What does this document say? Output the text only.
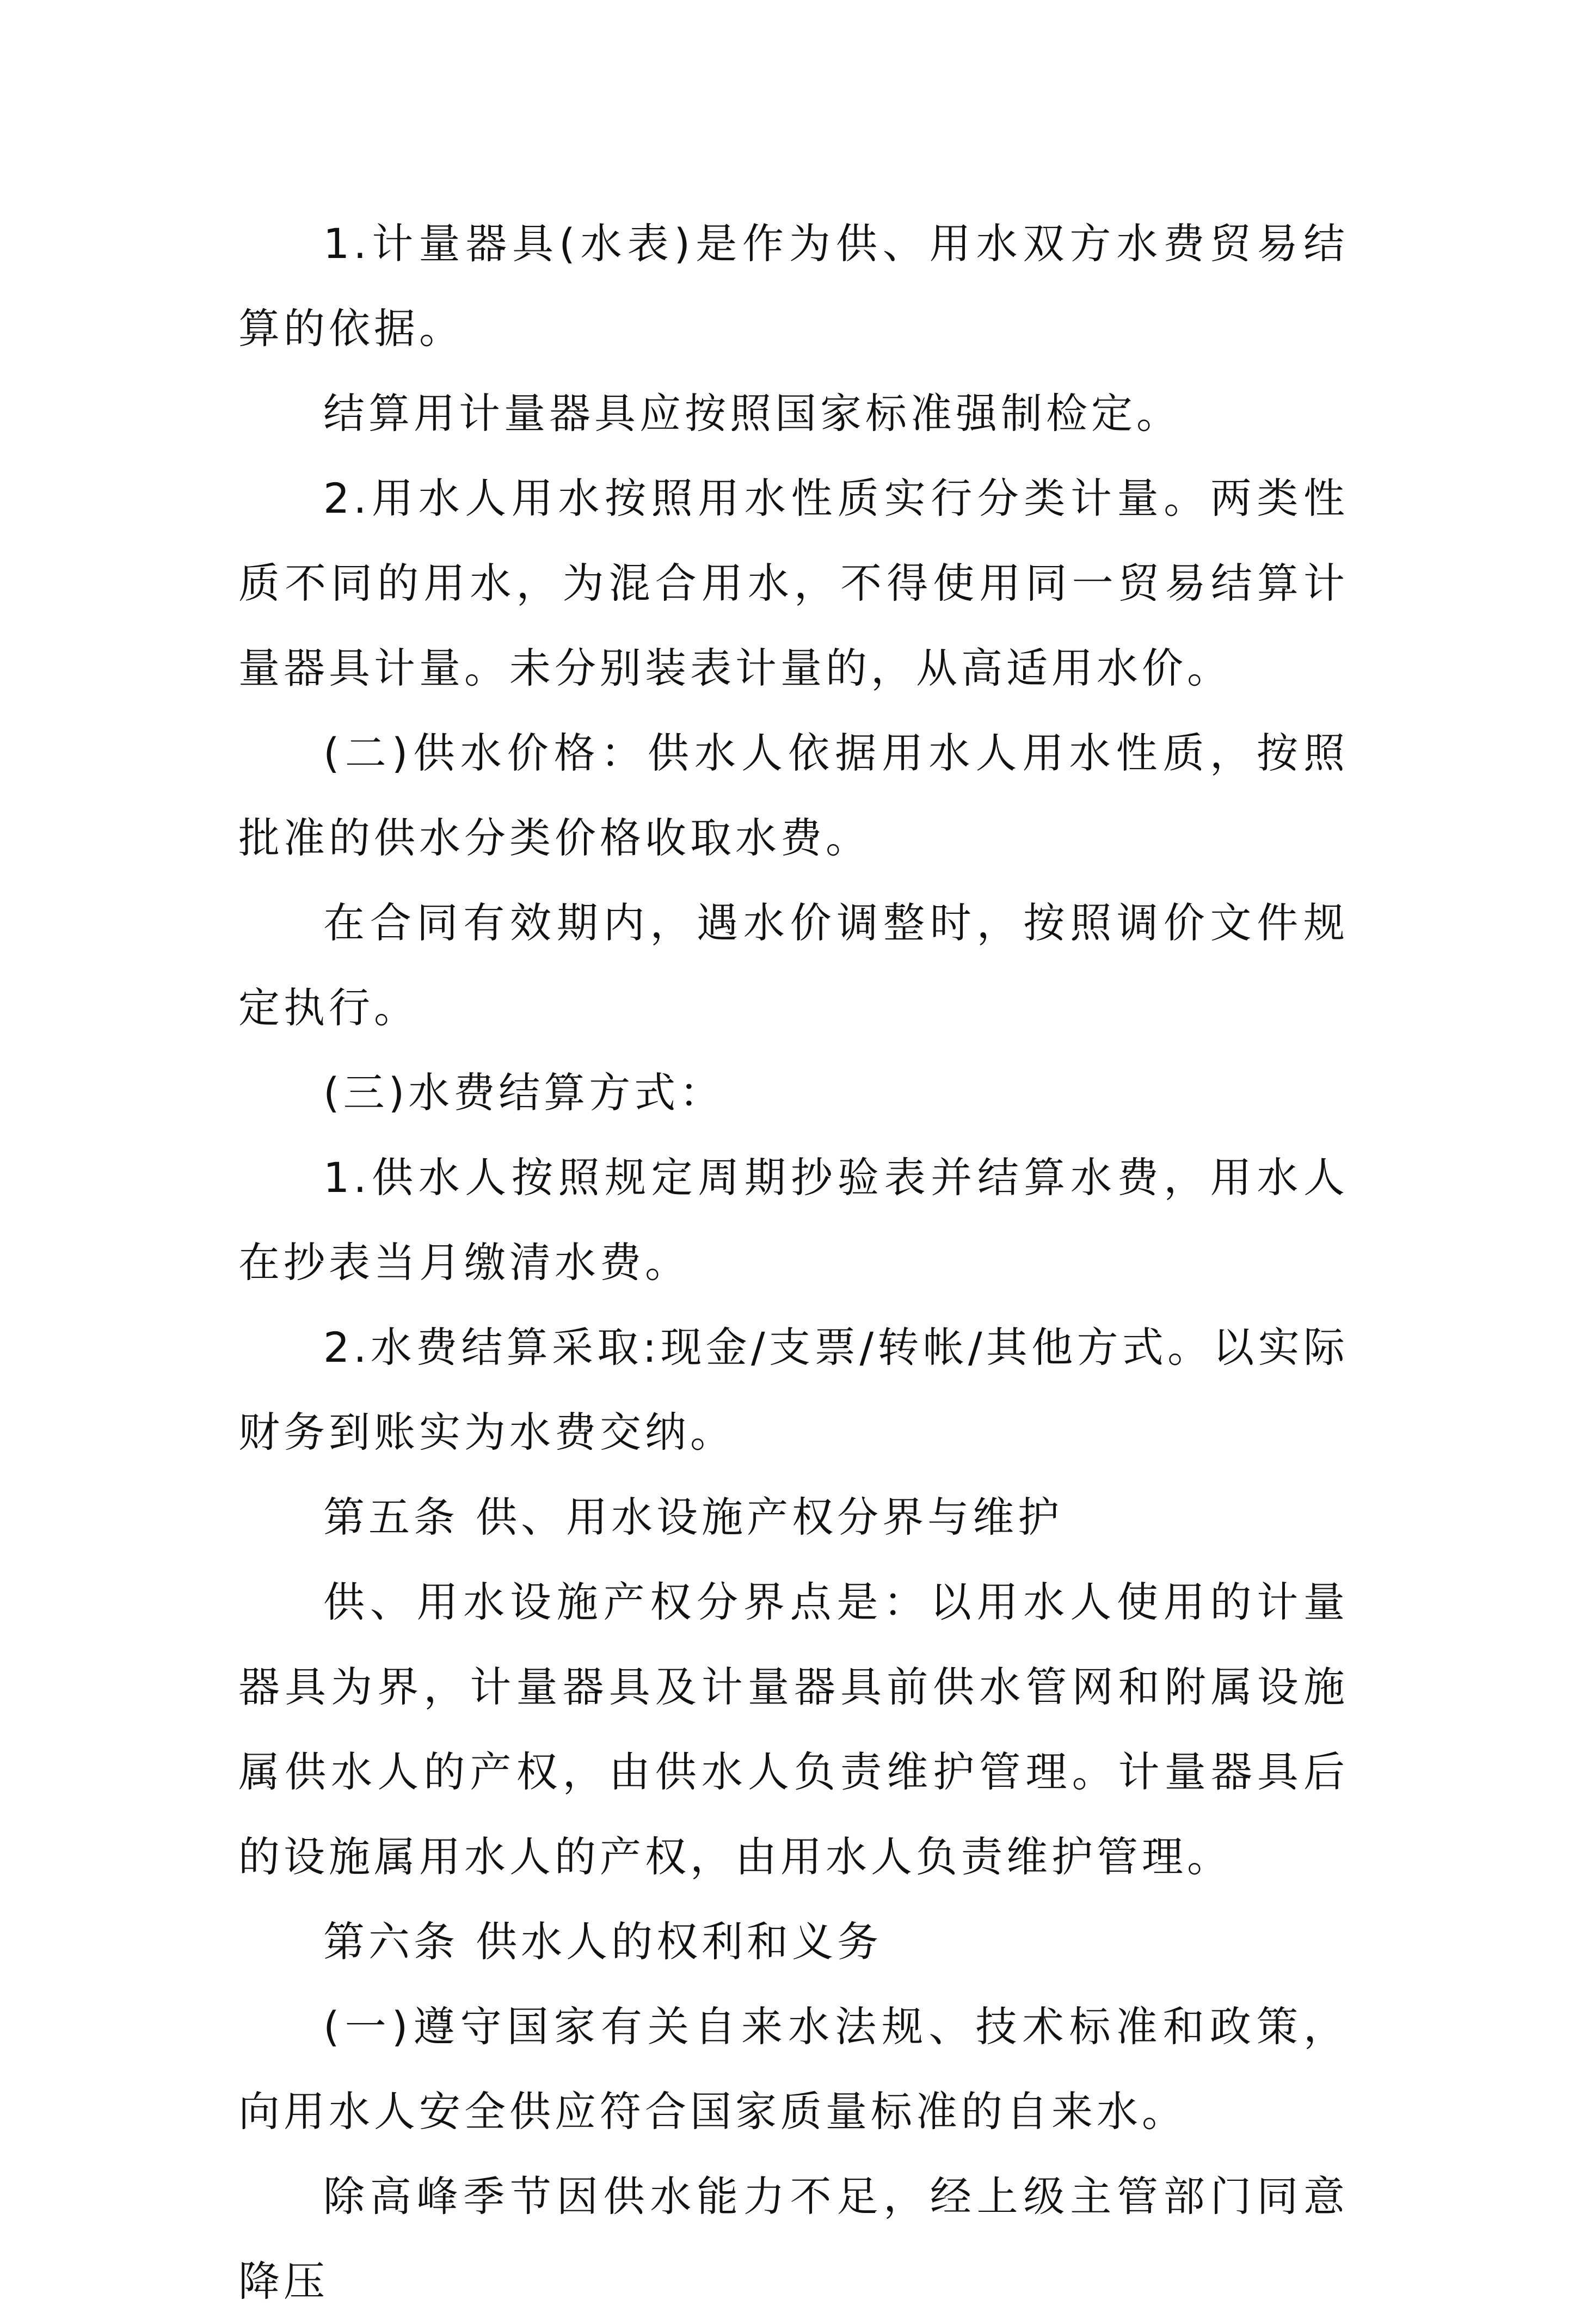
1.计量器具(水表)是作为供、用水双方水费贸易结算的依据。

结算用计量器具应按照国家标准强制检定。

2.用水人用水按照用水性质实行分类计量。两类性质不同的用水，为混合用水，不得使用同一贸易结算计量器具计量。未分别装表计量的，从高适用水价。

(二)供水价格：供水人依据用水人用水性质，按照 批准的供水分类价格收取水费。

在合同有效期内，遇水价调整时，按照调价文件规定执行。

(三)水费结算方式：

1.供水人按照规定周期抄验表并结算水费，用水人在抄表当月缴清水费。

2.水费结算采取:现金/支票/转帐/其他方式。以实际财务到账实为水费交纳。

第五条 供、用水设施产权分界与维护

供、用水设施产权分界点是：以用水人使用的计量器具为界，计量器具及计量器具前供水管网和附属设施属供水人的产权，由供水人负责维护管理。计量器具后的设施属用水人的产权，由用水人负责维护管理。

第六条 供水人的权利和义务

(一)遵守国家有关自来水法规、技术标准和政策，向用水人安全供应符合国家质量标准的自来水。

除高峰季节因供水能力不足，经上级主管部门同意降压
